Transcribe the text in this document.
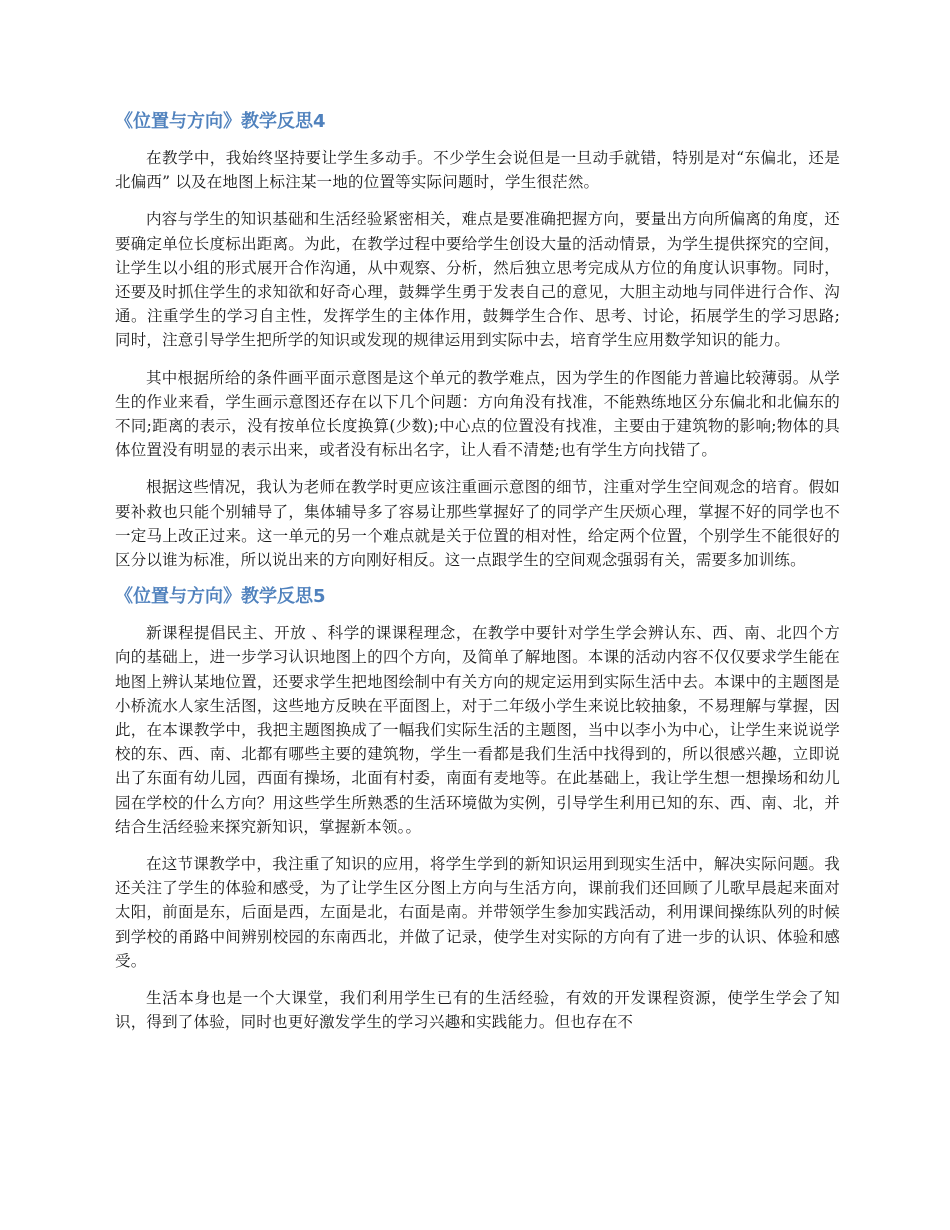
《位置与方向》教学反思4

在教学中，我始终坚持要让学生多动手。不少学生会说但是一旦动手就错，特别是对“东偏北，还是北偏西” 以及在地图上标注某一地的位置等实际问题时，学生很茫然。

内容与学生的知识基础和生活经验紧密相关，难点是要准确把握方向，要量出方向所偏离的角度，还要确定单位长度标出距离。为此，在教学过程中要给学生创设大量的活动情景，为学生提供探究的空间，让学生以小组的形式展开合作沟通，从中观察、分析，然后独立思考完成从方位的角度认识事物。同时，还要及时抓住学生的求知欲和好奇心理，鼓舞学生勇于发表自己的意见，大胆主动地与同伴进行合作、沟通。注重学生的学习自主性，发挥学生的主体作用，鼓舞学生合作、思考、讨论，拓展学生的学习思路;同时，注意引导学生把所学的知识或发现的规律运用到实际中去，培育学生应用数学知识的能力。

其中根据所给的条件画平面示意图是这个单元的教学难点，因为学生的作图能力普遍比较薄弱。从学生的作业来看，学生画示意图还存在以下几个问题：方向角没有找准，不能熟练地区分东偏北和北偏东的不同;距离的表示，没有按单位长度换算(少数);中心点的位置没有找准，主要由于建筑物的影响;物体的具体位置没有明显的表示出来，或者没有标出名字，让人看不清楚;也有学生方向找错了。

根据这些情况，我认为老师在教学时更应该注重画示意图的细节，注重对学生空间观念的培育。假如要补救也只能个别辅导了，集体辅导多了容易让那些掌握好了的同学产生厌烦心理，掌握不好的同学也不一定马上改正过来。这一单元的另一个难点就是关于位置的相对性，给定两个位置，个别学生不能很好的区分以谁为标准，所以说出来的方向刚好相反。这一点跟学生的空间观念强弱有关，需要多加训练。

《位置与方向》教学反思5

新课程提倡民主、开放 、科学的课课程理念，在教学中要针对学生学会辨认东、西、南、北四个方向的基础上，进一步学习认识地图上的四个方向，及简单了解地图。本课的活动内容不仅仅要求学生能在地图上辨认某地位置，还要求学生把地图绘制中有关方向的规定运用到实际生活中去。本课中的主题图是小桥流水人家生活图，这些地方反映在平面图上，对于二年级小学生来说比较抽象，不易理解与掌握，因此，在本课教学中，我把主题图换成了一幅我们实际生活的主题图，当中以李小为中心，让学生来说说学校的东、西、南、北都有哪些主要的建筑物，学生一看都是我们生活中找得到的，所以很感兴趣，立即说出了东面有幼儿园，西面有操场，北面有村委，南面有麦地等。在此基础上，我让学生想一想操场和幼儿园在学校的什么方向？用这些学生所熟悉的生活环境做为实例，引导学生利用已知的东、西、南、北，并结合生活经验来探究新知识，掌握新本领。。

在这节课教学中，我注重了知识的应用，将学生学到的新知识运用到现实生活中，解决实际问题。我还关注了学生的体验和感受，为了让学生区分图上方向与生活方向，课前我们还回顾了儿歌早晨起来面对太阳，前面是东，后面是西，左面是北，右面是南。并带领学生参加实践活动，利用课间操练队列的时候到学校的甬路中间辨别校园的东南西北，并做了记录，使学生对实际的方向有了进一步的认识、体验和感受。

生活本身也是一个大课堂，我们利用学生已有的生活经验，有效的开发课程资源，使学生学会了知识，得到了体验，同时也更好激发学生的学习兴趣和实践能力。但也存在不
